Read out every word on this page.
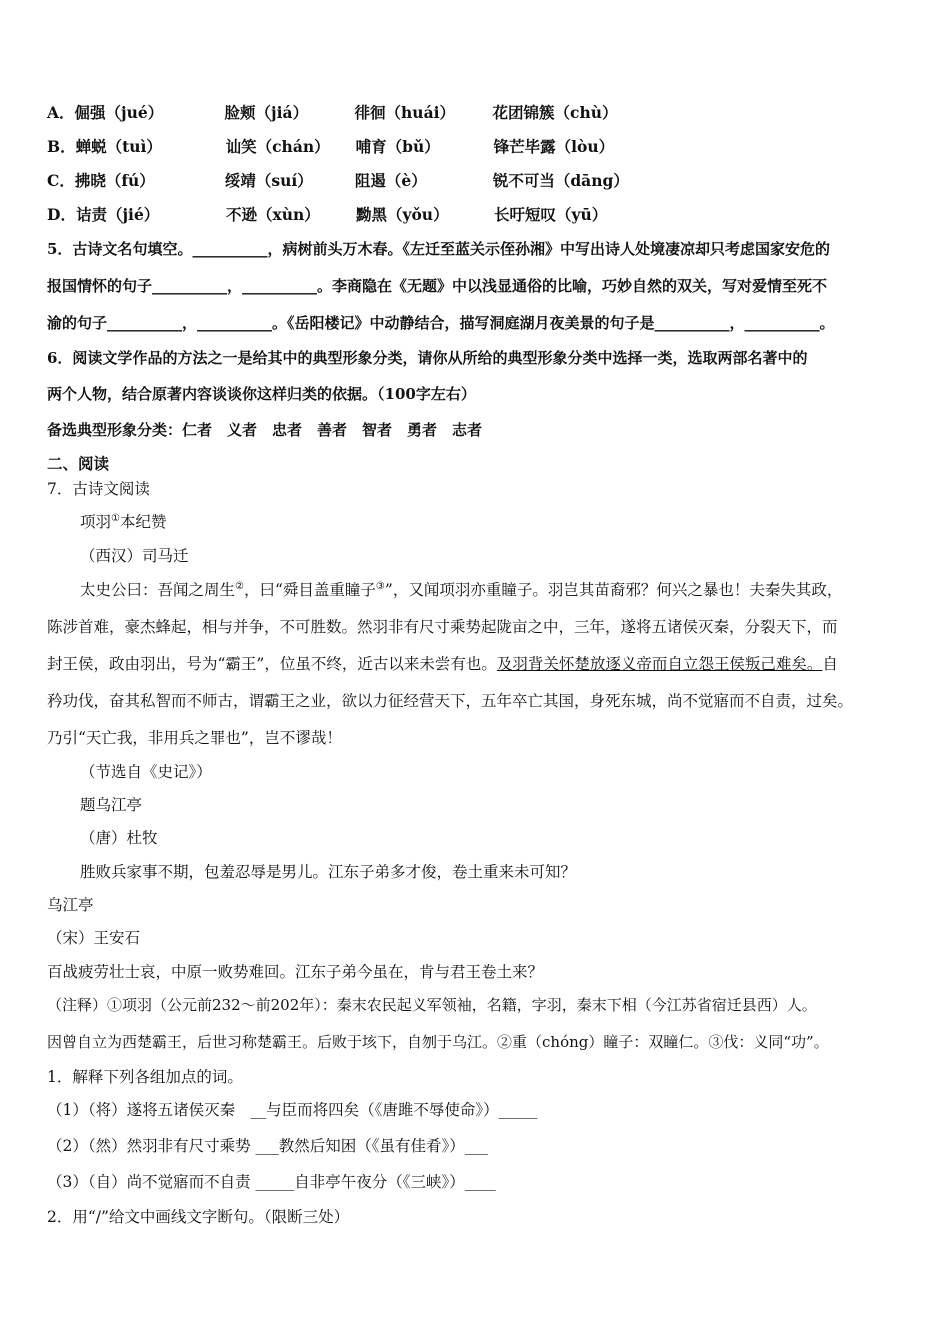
A．倔强（jué）	脸颊（jiá）	徘徊（huái） 花团锦簇（chù）
B．蝉蜕（tuì）	讪笑（chán） 哺育（bǔ）	锋芒毕露（lòu）
C．拂晓（fú）	绥靖（suí）	阻遏（è）	锐不可当（dāng）
D．诘责（jié）	不逊（xùn） 黝黑（yǒu）	长吁短叹（yū）
5．古诗文名句填空。__________，病树前头万木春。《左迁至蓝关示侄孙湘》中写出诗人处境凄凉却只考虑国家安危的
报国情怀的句子__________，__________。李商隐在《无题》中以浅显通俗的比喻，巧妙自然的双关，写对爱情至死不
渝的句子__________，__________。《岳阳楼记》中动静结合，描写洞庭湖月夜美景的句子是__________，__________。
6．阅读文学作品的方法之一是给其中的典型形象分类，请你从所给的典型形象分类中选择一类，选取两部名著中的
两个人物，结合原著内容谈谈你这样归类的依据。（100字左右）
备选典型形象分类：仁者　义者　忠者　善者　智者　勇者　志者
二、阅读
7．古诗文阅读
项羽①本纪赞
（西汉）司马迁
太史公曰：吾闻之周生②，曰“舜目盖重瞳子③”，又闻项羽亦重瞳子。羽岂其苗裔邪？何兴之暴也！夫秦失其政，
陈涉首难，豪杰蜂起，相与并争，不可胜数。然羽非有尺寸乘势起陇亩之中，三年，遂将五诸侯灭秦，分裂天下，而
封王侯，政由羽出，号为“霸王”，位虽不终，近古以来未尝有也。及羽背关怀楚放逐义帝而自立怨王侯叛己难矣。自
矜功伐，奋其私智而不师古，谓霸王之业，欲以力征经营天下，五年卒亡其国，身死东城，尚不觉寤而不自责，过矣。
乃引“天亡我，非用兵之罪也”，岂不谬哉！
（节选自《史记》）
题乌江亭
（唐）杜牧
胜败兵家事不期，包羞忍辱是男儿。江东子弟多才俊，卷土重来未可知？
乌江亭
（宋）王安石
百战疲劳壮士哀，中原一败势难回。江东子弟今虽在，肯与君王卷土来？
（注释）①项羽（公元前232～前202年）：秦末农民起义军领袖，名籍，字羽，秦末下相（今江苏省宿迁县西）人。
因曾自立为西楚霸王，后世习称楚霸王。后败于垓下，自刎于乌江。②重（chóng）瞳子：双瞳仁。③伐：义同“功”。
1．解释下列各组加点的词。
（1）（将）遂将五诸侯灭秦　__与臣而将四矣（《唐雎不辱使命》）_____
（2）（然）然羽非有尺寸乘势 ___教然后知困（《虽有佳肴》）___
（3）（自）尚不觉寤而不自责 _____自非亭午夜分（《三峡》）____
2．用“/”给文中画线文字断句。（限断三处）
